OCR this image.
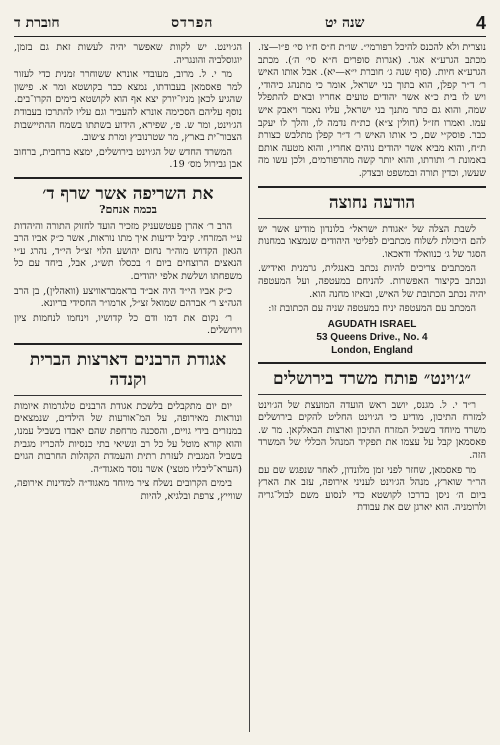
4
שנה יט
הפרדס
חוברת ד

נוצרית ולא להכנס להיכל רפורמי״. שו״ת ח״ס ח״ו סי׳ פ״ו—צז. מכתב הגרע״א אגר. (אגרות סופרים ח״א סי׳ ה׳). מכתב הגרע״א חיות. (סוף שנה ג׳ חוברת י״א—יא). אבל אותו האיש ר׳ ד״ר קפלן, הוא בתוך בני ישראל, אומר כי מתנהג כיהודי, ויש לו בית כ״א אשר יהודים טועים אחריו ובאים להתפלל שמה, והוא גם כתר מתנך בני ישראל, עליו נאמר ויאבק איש עמו. ואמרו חז״ל (חולין צ״א) כת״ח נדמה לו, והלך לו יעקב כבר. פוסק״י שם, כי אותו האיש ר׳ ד״ר קפלן מתלבש כצורת ת״ח, והוא מביא אשר יהודים נוהים אחריו, והוא מטעה אותם באמונת ר׳ ותורתו, והוא יותר קשה מהרפורמים, ולכן עשו מה שעשו, וכדין תורה ובמשפט ובצדק.

הודעה נחוצה

לשבת הצלה של ״אגודת ישראל״ בלונדון מודיע אשר יש להם היכולת לשלוח מכתבים לפליטי היהודים שנמצאו במחנות הסגר של ג׳ כנוואלד ודאכאו.

המכתבים צריכים להיות נכתב באנגלית, גרמנית ואידיש. ונכתב בקיצור האפשרות. להניחם במעטפה, ועל המעטפה יהיה נכתב הכתובת של האיש, ובאיזו מחנה הוא.

המכתב עם המעטפה יניח במעטפה שניה עם הכתובת זו:

AGUDATH ISRAEL
53 Queens Drive., No. 4
London, England
״ג׳וינט״ פותח משרד בירושלים

ר״ד י. ל. מגנס, יושב ראש הועדה המועצת של הג׳וינט למזרח התיכון, מודיע כי הג׳וינט החליט להקים בירושלים משרד מיוחד בשביל המזרח התיכון וארצות הבאלקאן. מר ש. פאסמאן קבל על עצמו את תפקיד המנהל הכללי של המשרד הזה.

מר פאסמאן, שחזר לפני זמן מלונדון, לאחר שנפגש שם עם הר״ר שוארץ, מנהל הג׳וינט לעניני אירופה, עזב את הארץ ביום ה׳ ניסן בדרכו לקושטא כדי לנסוע משם לבול־גריה ולרומניה. הוא יארגן שם את עבודת

הג׳וינט. יש לקוות שאפשר יהיה לעשות זאת גם בזמן, יוגוסלביה והונגריה.

מר י. ל. מרוב, מעובדי אונרא ששוחרר זמנית כדי לעזור למר פאסמאן בעבודתו, נמצא כבר בקושטא ומר א. פישון שהגיע לכאן מניו־יורק יצא אף הוא לקושטא בימים הקרו־בים. נוסף עליהם הסכימה אונרא להעביר וגם עליו להתרכז בעבודת הג׳וינט, ומר ש. פ׳, שפירא, הידוע בשתתו בשמח ההתיישבות הצבור־ית בארץ, מר שטרנוביץ ומרת צ׳שוב.

המשרד החדש של הג׳וינט בירושלים, ימצא ברחבית, ברחוב אבן גבירול מס׳ 19.

את השריפה אשר שרף ד׳
בכמה אנחם?

הרב ר׳ אהרן פעטשעניק מזכיר הועד לחזוק התורה והיהדות ע״י המזרחי. קיבל ידיעות איך מתו נוראות, אשר כ״ק אביו הרב הגאון הקדוש מוה״ר נחום יהושע הלוי זצ״ל הי״ד, נהרג ע״י הנאצים הרוצחים ביום ו׳ בכסלו תש״ג, אבל, ביחד עם כל משפחתו ושלשת אלפי יהודים.

כ״ק אביו הי״ד היה אב״ד בראמבראוויצע (וואהלין), בן הרב הגה״צ ר׳ אברהם שמואל זצ״ל, ארמו״ר החסידי בריונא.

ר׳ נקום את דמו ודם כל קדושיו, וינחמו לנחמות ציון וירושלים.

אגודת הרבנים דארצות הברית וקנדה

יום יום מתקבלים בלשכת אגודת הרבנים טלגרמות איומות ונוראות מאירופה, על המ־אורעות של הילדים, שנמצאים במנזרים בידי גויים, והסכנה מרחפת שהם יאבדו בשביל עמנו, והוא קורא מוטל על כל רב ונשיאי בתי כנסיות להכריז מגבית בשביל המגבית לעזרת רתית והעמדת הקהלות החרבות הגוים (הערא־ליבליו מטצי) אשר נוסד מאגוד״ה.

בימים הקרובים נשלח ציר מיוחד מאגוד״ה למדינות אירופה, שווייץ, צרפת ובלגיא, להיות
